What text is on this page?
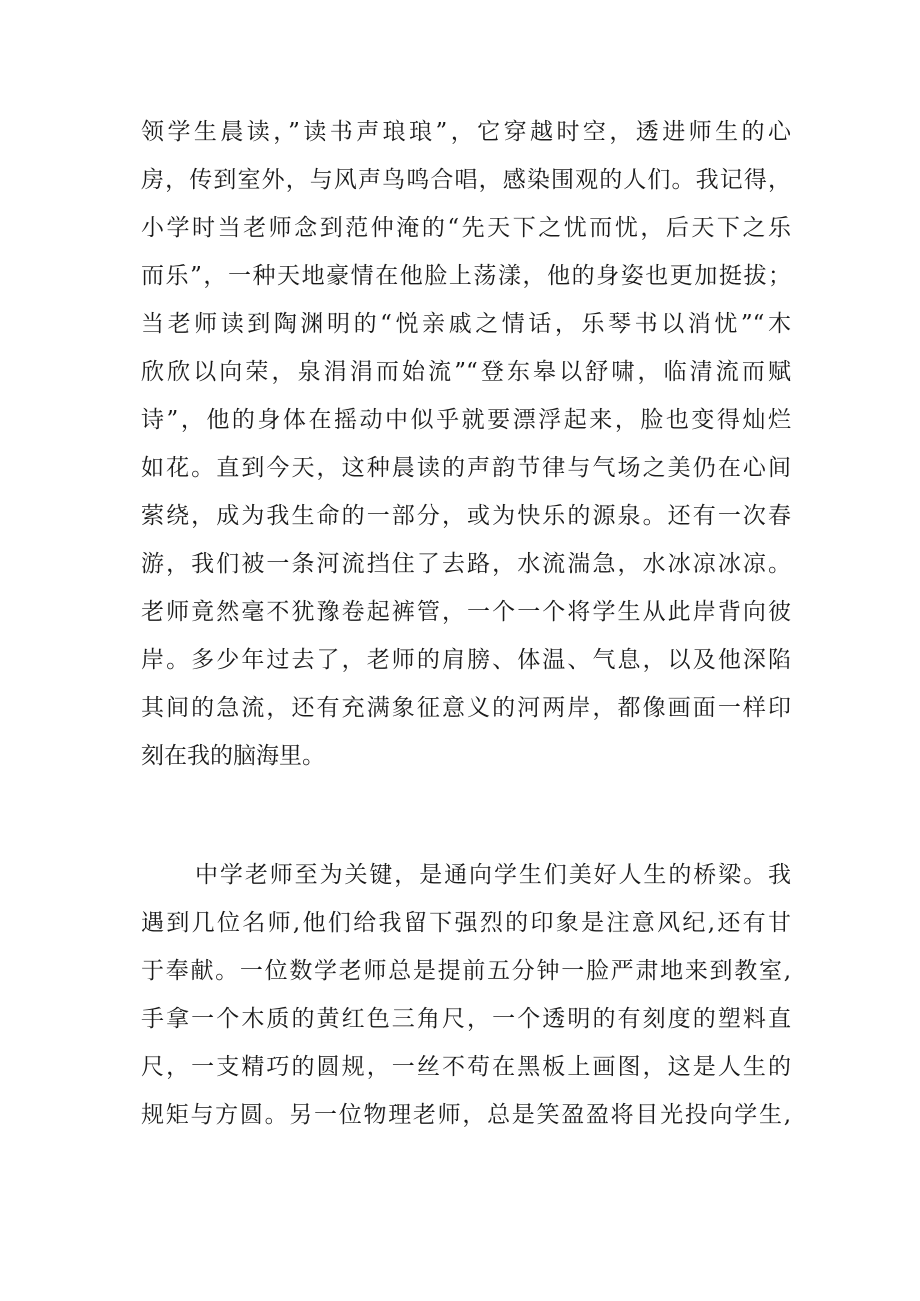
领学生晨读，”读书声琅琅”，它穿越时空，透进师生的心
房，传到室外，与风声鸟鸣合唱，感染围观的人们。我记得，
小学时当老师念到范仲淹的“先天下之忧而忧，后天下之乐
而乐”，一种天地豪情在他脸上荡漾，他的身姿也更加挺拔；
当老师读到陶渊明的“悦亲戚之情话，乐琴书以消忧”“木
欣欣以向荣，泉涓涓而始流”“登东皋以舒啸，临清流而赋
诗”，他的身体在摇动中似乎就要漂浮起来，脸也变得灿烂
如花。直到今天，这种晨读的声韵节律与气场之美仍在心间
萦绕，成为我生命的一部分，或为快乐的源泉。还有一次春
游，我们被一条河流挡住了去路，水流湍急，水冰凉冰凉。
老师竟然毫不犹豫卷起裤管，一个一个将学生从此岸背向彼
岸。多少年过去了，老师的肩膀、体温、气息，以及他深陷
其间的急流，还有充满象征意义的河两岸，都像画面一样印
刻在我的脑海里。
中学老师至为关键，是通向学生们美好人生的桥梁。我
遇到几位名师,他们给我留下强烈的印象是注意风纪,还有甘
于奉献。一位数学老师总是提前五分钟一脸严肃地来到教室,
手拿一个木质的黄红色三角尺，一个透明的有刻度的塑料直
尺，一支精巧的圆规，一丝不苟在黑板上画图，这是人生的
规矩与方圆。另一位物理老师，总是笑盈盈将目光投向学生,
